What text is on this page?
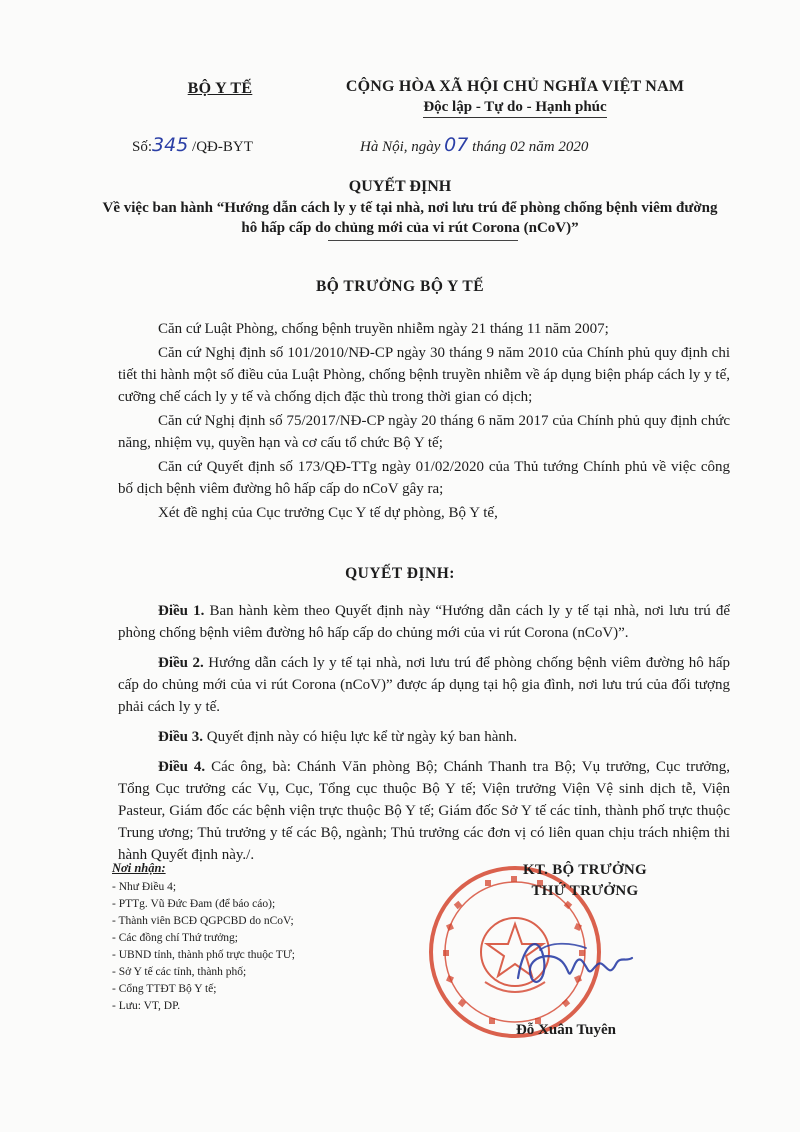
BỘ Y TẾ
Số:345 /QĐ-BYT
CỘNG HÒA XÃ HỘI CHỦ NGHĨA VIỆT NAM
Độc lập - Tự do - Hạnh phúc
Hà Nội, ngày 07 tháng 02 năm 2020
QUYẾT ĐỊNH
Về việc ban hành “Hướng dẫn cách ly y tế tại nhà, nơi lưu trú để phòng chống bệnh viêm đường hô hấp cấp do chủng mới của vi rút Corona (nCoV)”
BỘ TRƯỞNG BỘ Y TẾ

Căn cứ Luật Phòng, chống bệnh truyền nhiễm ngày 21 tháng 11 năm 2007;

Căn cứ Nghị định số 101/2010/NĐ-CP ngày 30 tháng 9 năm 2010 của Chính phủ quy định chi tiết thi hành một số điều của Luật Phòng, chống bệnh truyền nhiễm về áp dụng biện pháp cách ly y tế, cưỡng chế cách ly y tế và chống dịch đặc thù trong thời gian có dịch;

Căn cứ Nghị định số 75/2017/NĐ-CP ngày 20 tháng 6 năm 2017 của Chính phủ quy định chức năng, nhiệm vụ, quyền hạn và cơ cấu tổ chức Bộ Y tế;

Căn cứ Quyết định số 173/QĐ-TTg ngày 01/02/2020 của Thủ tướng Chính phủ về việc công bố dịch bệnh viêm đường hô hấp cấp do nCoV gây ra;

Xét đề nghị của Cục trưởng Cục Y tế dự phòng, Bộ Y tế,

QUYẾT ĐỊNH:

Điều 1. Ban hành kèm theo Quyết định này “Hướng dẫn cách ly y tế tại nhà, nơi lưu trú để phòng chống bệnh viêm đường hô hấp cấp do chủng mới của vi rút Corona (nCoV)”.

Điều 2. Hướng dẫn cách ly y tế tại nhà, nơi lưu trú để phòng chống bệnh viêm đường hô hấp cấp do chủng mới của vi rút Corona (nCoV)” được áp dụng tại hộ gia đình, nơi lưu trú của đối tượng phải cách ly y tế.

Điều 3. Quyết định này có hiệu lực kể từ ngày ký ban hành.

Điều 4. Các ông, bà: Chánh Văn phòng Bộ; Chánh Thanh tra Bộ; Vụ trưởng, Cục trưởng, Tổng Cục trưởng các Vụ, Cục, Tổng cục thuộc Bộ Y tế; Viện trưởng Viện Vệ sinh dịch tễ, Viện Pasteur, Giám đốc các bệnh viện trực thuộc Bộ Y tế; Giám đốc Sở Y tế các tỉnh, thành phố trực thuộc Trung ương; Thủ trưởng y tế các Bộ, ngành; Thủ trưởng các đơn vị có liên quan chịu trách nhiệm thi hành Quyết định này./.

Nơi nhận:
- Như Điều 4;
- PTTg. Vũ Đức Đam (để báo cáo);
- Thành viên BCĐ QGPCBD do nCoV;
- Các đồng chí Thứ trưởng;
- UBND tỉnh, thành phố trực thuộc TƯ;
- Sở Y tế các tỉnh, thành phố;
- Cổng TTĐT Bộ Y tế;
- Lưu: VT, DP.
KT. BỘ TRƯỞNG
THỨ TRƯỞNG
Đỗ Xuân Tuyên
